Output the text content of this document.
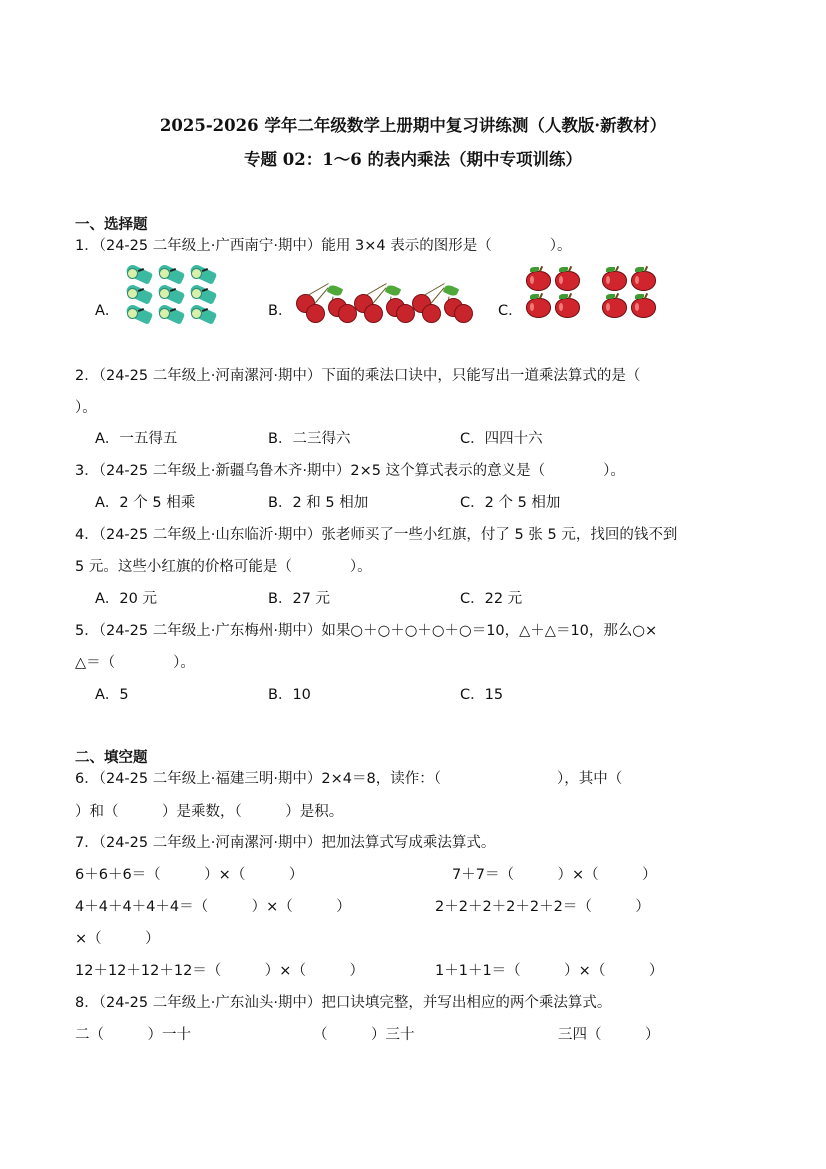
2025-2026 学年二年级数学上册期中复习讲练测（人教版·新教材）
专题 02：1～6 的表内乘法（期中专项训练）
一、选择题
1．（24-25 二年级上·广西南宁·期中）能用 3×4 表示的图形是（　　　　）。
A．	B．	C．
2．（24-25 二年级上·河南漯河·期中）下面的乘法口诀中，只能写出一道乘法算式的是（
）。
A．一五得五	B．二三得六	C．四四十六
3．（24-25 二年级上·新疆乌鲁木齐·期中）2×5 这个算式表示的意义是（　　　　）。
A．2 个 5 相乘	B．2 和 5 相加	C．2 个 5 相加
4．（24-25 二年级上·山东临沂·期中）张老师买了一些小红旗，付了 5 张 5 元，找回的钱不到
5 元。这些小红旗的价格可能是（　　　　）。
A．20 元	B．27 元	C．22 元
5．（24-25 二年级上·广东梅州·期中）如果○＋○＋○＋○＋○＝10，△＋△＝10，那么○×
△＝（　　　　）。
A．5	B．10	C．15
二、填空题
6．（24-25 二年级上·福建三明·期中）2×4＝8，读作：（　　　　　　　　），其中（
）和（　　　）是乘数，（　　　）是积。
7．（24-25 二年级上·河南漯河·期中）把加法算式写成乘法算式。
6＋6＋6＝（　　　）×（　　　）	7＋7＝（　　　）×（　　　）
4＋4＋4＋4＋4＝（　　　）×（　　　）	2＋2＋2＋2＋2＋2＝（　　　）
×（　　　）
12＋12＋12＋12＝（　　　）×（　　　）	1＋1＋1＝（　　　）×（　　　）
8．（24-25 二年级上·广东汕头·期中）把口诀填完整，并写出相应的两个乘法算式。
二（　　　）一十	（　　　）三十	三四（　　　）
